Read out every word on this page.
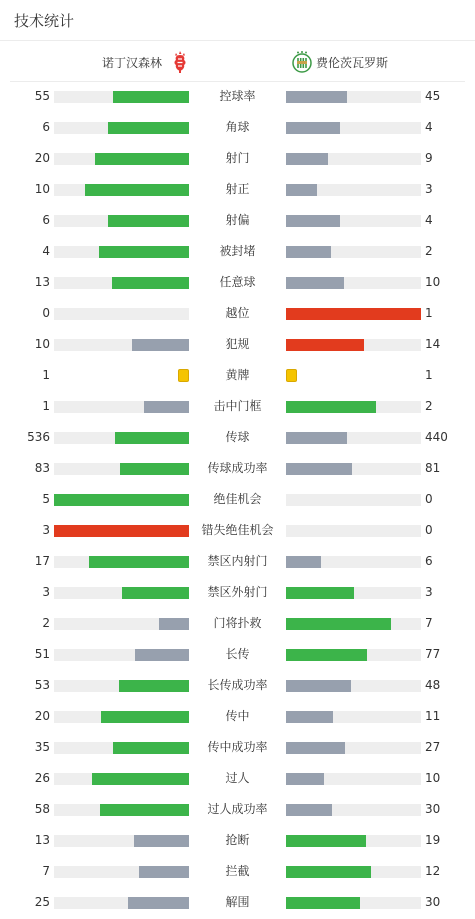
技术统计
诺丁汉森林	费伦茨瓦罗斯
55	控球率	45
6	角球	4
20	射门	9
10	射正	3
6	射偏	4
4	被封堵	2
13	任意球	10
0	越位	1
10	犯规	14
1	黄牌	1
1	击中门框	2
536	传球	440
83	传球成功率	81
5	绝佳机会	0
3	错失绝佳机会	0
17	禁区内射门	6
3	禁区外射门	3
2	门将扑救	7
51	长传	77
53	长传成功率	48
20	传中	11
35	传中成功率	27
26	过人	10
58	过人成功率	30
13	抢断	19
7	拦截	12
25	解围	30
